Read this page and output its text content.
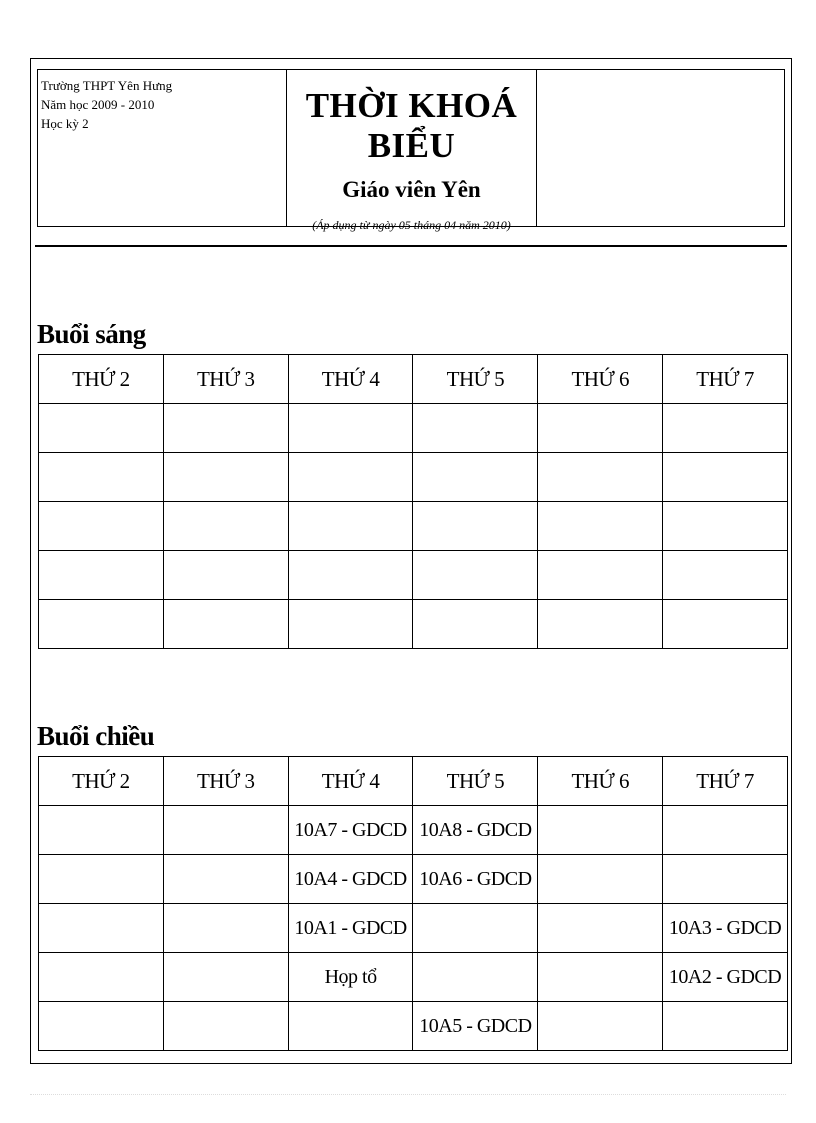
Trường THPT Yên Hưng
Năm học 2009 - 2010
Học kỳ 2	THỜI KHOÁ BIỂU
Giáo viên Yên
(Áp dụng từ ngày 05 tháng 04 năm 2010)
Buổi sáng
THỨ 2	THỨ 3	THỨ 4	THỨ 5	THỨ 6	THỨ 7

Buổi chiều
THỨ 2	THỨ 3	THỨ 4	THỨ 5	THỨ 6	THỨ 7
		10A7 - GDCD	10A8 - GDCD		
		10A4 - GDCD	10A6 - GDCD		
		10A1 - GDCD			10A3 - GDCD
		Họp tổ			10A2 - GDCD
			10A5 - GDCD		
